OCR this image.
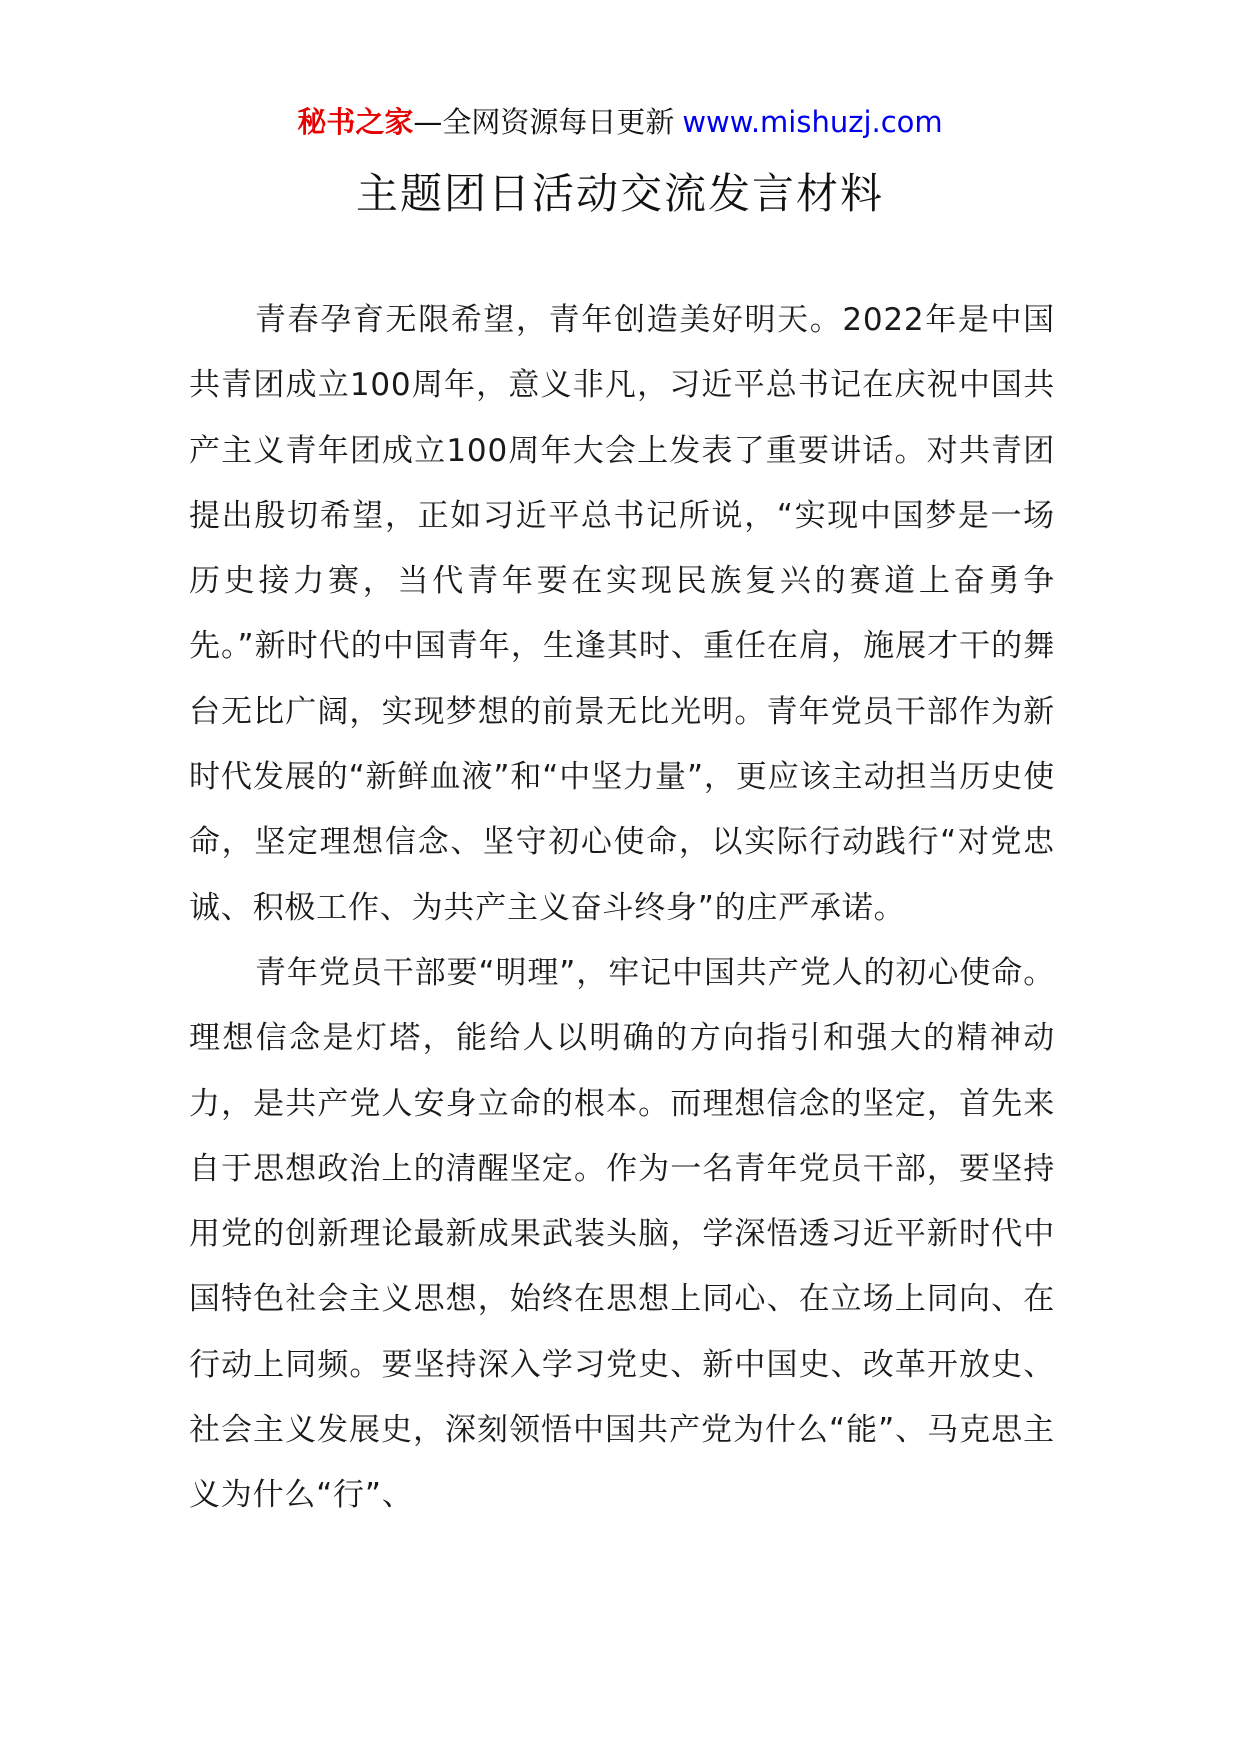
秘书之家—全网资源每日更新 www.mishuzj.com
主题团日活动交流发言材料

青春孕育无限希望，青年创造美好明天。2022年是中国共青团成立100周年，意义非凡，习近平总书记在庆祝中国共产主义青年团成立100周年大会上发表了重要讲话。对共青团提出殷切希望，正如习近平总书记所说，“实现中国梦是一场历史接力赛，当代青年要在实现民族复兴的赛道上奋勇争先。”新时代的中国青年，生逢其时、重任在肩，施展才干的舞台无比广阔，实现梦想的前景无比光明。青年党员干部作为新时代发展的“新鲜血液”和“中坚力量”，更应该主动担当历史使命，坚定理想信念、坚守初心使命，以实际行动践行“对党忠诚、积极工作、为共产主义奋斗终身”的庄严承诺。

青年党员干部要“明理”，牢记中国共产党人的初心使命。理想信念是灯塔，能给人以明确的方向指引和强大的精神动力，是共产党人安身立命的根本。而理想信念的坚定，首先来自于思想政治上的清醒坚定。作为一名青年党员干部，要坚持用党的创新理论最新成果武装头脑，学深悟透习近平新时代中国特色社会主义思想，始终在思想上同心、在立场上同向、在行动上同频。要坚持深入学习党史、新中国史、改革开放史、社会主义发展史，深刻领悟中国共产党为什么“能”、马克思主义为什么“行”、
